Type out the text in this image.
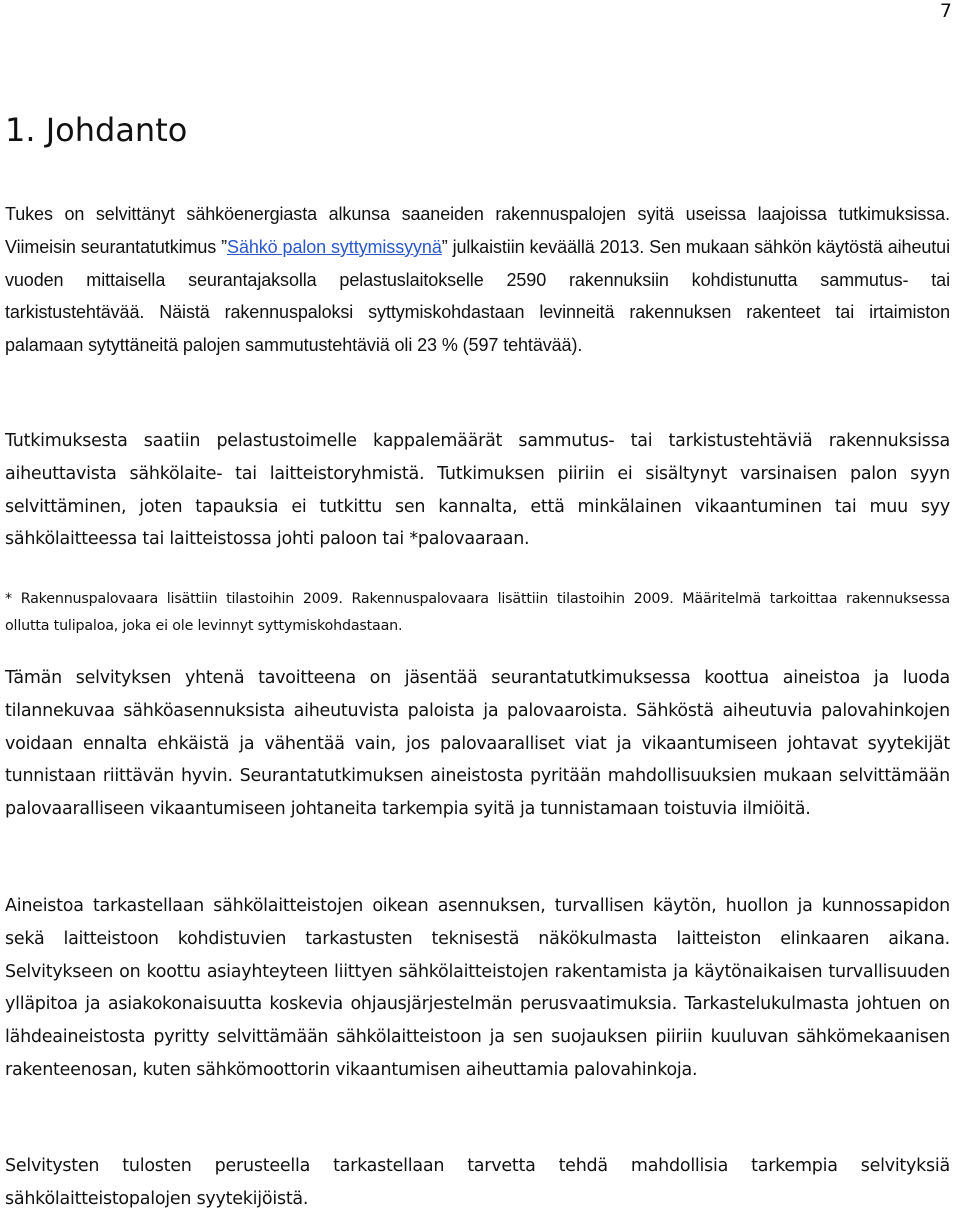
7
1. Johdanto

Tukes on selvittänyt sähköenergiasta alkunsa saaneiden rakennuspalojen syitä useissa laajoissa tutkimuksissa. Viimeisin seurantatutkimus ”Sähkö palon syttymissyynä” julkaistiin keväällä 2013. Sen mukaan sähkön käytöstä aiheutui vuoden mittaisella seurantajaksolla pelastuslaitokselle 2590 rakennuksiin kohdistunutta sammutus- tai tarkistustehtävää. Näistä rakennuspaloksi syttymiskohdastaan levinneitä rakennuksen rakenteet tai irtaimiston palamaan sytyttäneitä palojen sammutustehtäviä oli 23 % (597 tehtävää).

Tutkimuksesta saatiin pelastustoimelle kappalemäärät sammutus- tai tarkistustehtäviä rakennuksissa aiheuttavista sähkölaite- tai laitteistoryhmistä. Tutkimuksen piiriin ei sisältynyt varsinaisen palon syyn selvittäminen, joten tapauksia ei tutkittu sen kannalta, että minkälainen vikaantuminen tai muu syy sähkölaitteessa tai laitteistossa johti paloon tai *palovaaraan.

* Rakennuspalovaara lisättiin tilastoihin 2009. Rakennuspalovaara lisättiin tilastoihin 2009. Määritelmä tarkoittaa rakennuksessa ollutta tulipaloa, joka ei ole levinnyt syttymiskohdastaan.

Tämän selvityksen yhtenä tavoitteena on jäsentää seurantatutkimuksessa koottua aineistoa ja luoda tilannekuvaa sähköasennuksista aiheutuvista paloista ja palovaaroista. Sähköstä aiheutuvia palovahinkojen voidaan ennalta ehkäistä ja vähentää vain, jos palovaaralliset viat ja vikaantumiseen johtavat syytekijät tunnistaan riittävän hyvin. Seurantatutkimuksen aineistosta pyritään mahdollisuuksien mukaan selvittämään palovaaralliseen vikaantumiseen johtaneita tarkempia syitä ja tunnistamaan toistuvia ilmiöitä.

Aineistoa tarkastellaan sähkölaitteistojen oikean asennuksen, turvallisen käytön, huollon ja kunnossapidon sekä laitteistoon kohdistuvien tarkastusten teknisestä näkökulmasta laitteiston elinkaaren aikana. Selvitykseen on koottu asiayhteyteen liittyen sähkölaitteistojen rakentamista ja käytönaikaisen turvallisuuden ylläpitoa ja asiakokonaisuutta koskevia ohjausjärjestelmän perusvaatimuksia. Tarkastelukulmasta johtuen on lähdeaineistosta pyritty selvittämään sähkölaitteistoon ja sen suojauksen piiriin kuuluvan sähkömekaanisen rakenteenosan, kuten sähkömoottorin vikaantumisen aiheuttamia palovahinkoja.

Selvitysten tulosten perusteella tarkastellaan tarvetta tehdä mahdollisia tarkempia selvityksiä sähkölaitteistopalojen syytekijöistä.
